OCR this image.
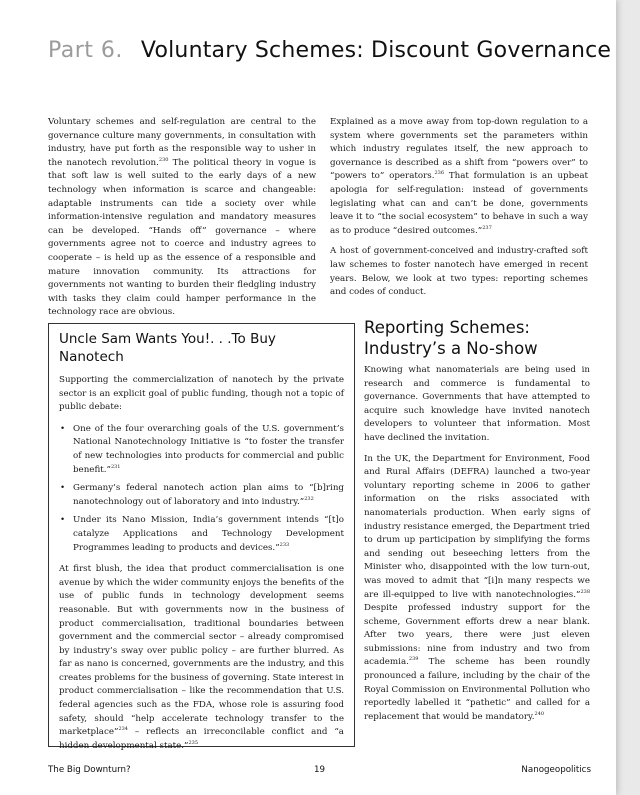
Part 6. Voluntary Schemes: Discount Governance

Voluntary schemes and self-regulation are central to the governance culture many governments, in consultation with industry, have put forth as the responsible way to usher in the nanotech revolution.$^{230}$ The political theory in vogue is that soft law is well suited to the early days of a new technology when information is scarce and changeable: adaptable instruments can tide a society over while information-intensive regulation and mandatory measures can be developed. “Hands off” governance – where governments agree not to coerce and industry agrees to cooperate – is held up as the essence of a responsible and mature innovation community. Its attractions for governments not wanting to burden their fledgling industry with tasks they claim could hamper performance in the technology race are obvious.

Explained as a move away from top-down regulation to a system where governments set the parameters within which industry regulates itself, the new approach to governance is described as a shift from “powers over” to “powers to” operators.$^{236}$ That formulation is an upbeat apologia for self-regulation: instead of governments legislating what can and can’t be done, governments leave it to “the social ecosystem” to behave in such a way as to produce “desired outcomes.”$^{237}$

A host of government-conceived and industry-crafted soft law schemes to foster nanotech have emerged in recent years. Below, we look at two types: reporting schemes and codes of conduct.

Uncle Sam Wants You!. . .To Buy Nanotech

Supporting the commercialization of nanotech by the private sector is an explicit goal of public funding, though not a topic of public debate:

• One of the four overarching goals of the U.S. government’s National Nanotechnology Initiative is “to foster the transfer of new technologies into products for commercial and public benefit.”$^{231}$
• Germany’s federal nanotech action plan aims to “[b]ring nanotechnology out of laboratory and into industry.”$^{232}$
• Under its Nano Mission, India’s government intends “[t]o catalyze Applications and Technology Development Programmes leading to products and devices.”$^{233}$

At first blush, the idea that product commercialisation is one avenue by which the wider community enjoys the benefits of the use of public funds in technology development seems reasonable. But with governments now in the business of product commercialisation, traditional boundaries between government and the commercial sector – already compromised by industry’s sway over public policy – are further blurred. As far as nano is concerned, governments are the industry, and this creates problems for the business of governing. State interest in product commercialisation – like the recommendation that U.S. federal agencies such as the FDA, whose role is assuring food safety, should “help accelerate technology transfer to the marketplace”$^{234}$ – reflects an irreconcilable conflict and “a hidden developmental state.”$^{235}$

Reporting Schemes:
Industry’s a No-show

Knowing what nanomaterials are being used in research and commerce is fundamental to governance. Governments that have attempted to acquire such knowledge have invited nanotech developers to volunteer that information. Most have declined the invitation.

In the UK, the Department for Environment, Food and Rural Affairs (DEFRA) launched a two-year voluntary reporting scheme in 2006 to gather information on the risks associated with nanomaterials production. When early signs of industry resistance emerged, the Department tried to drum up participation by simplifying the forms and sending out beseeching letters from the Minister who, disappointed with the low turn-out, was moved to admit that “[i]n many respects we are ill-equipped to live with nanotechnologies.”$^{238}$ Despite professed industry support for the scheme, Government efforts drew a near blank. After two years, there were just eleven submissions: nine from industry and two from academia.$^{239}$ The scheme has been roundly pronounced a failure, including by the chair of the Royal Commission on Environmental Pollution who reportedly labelled it “pathetic” and called for a replacement that would be mandatory.$^{240}$

The Big Downturn?	19	Nanogeopolitics
